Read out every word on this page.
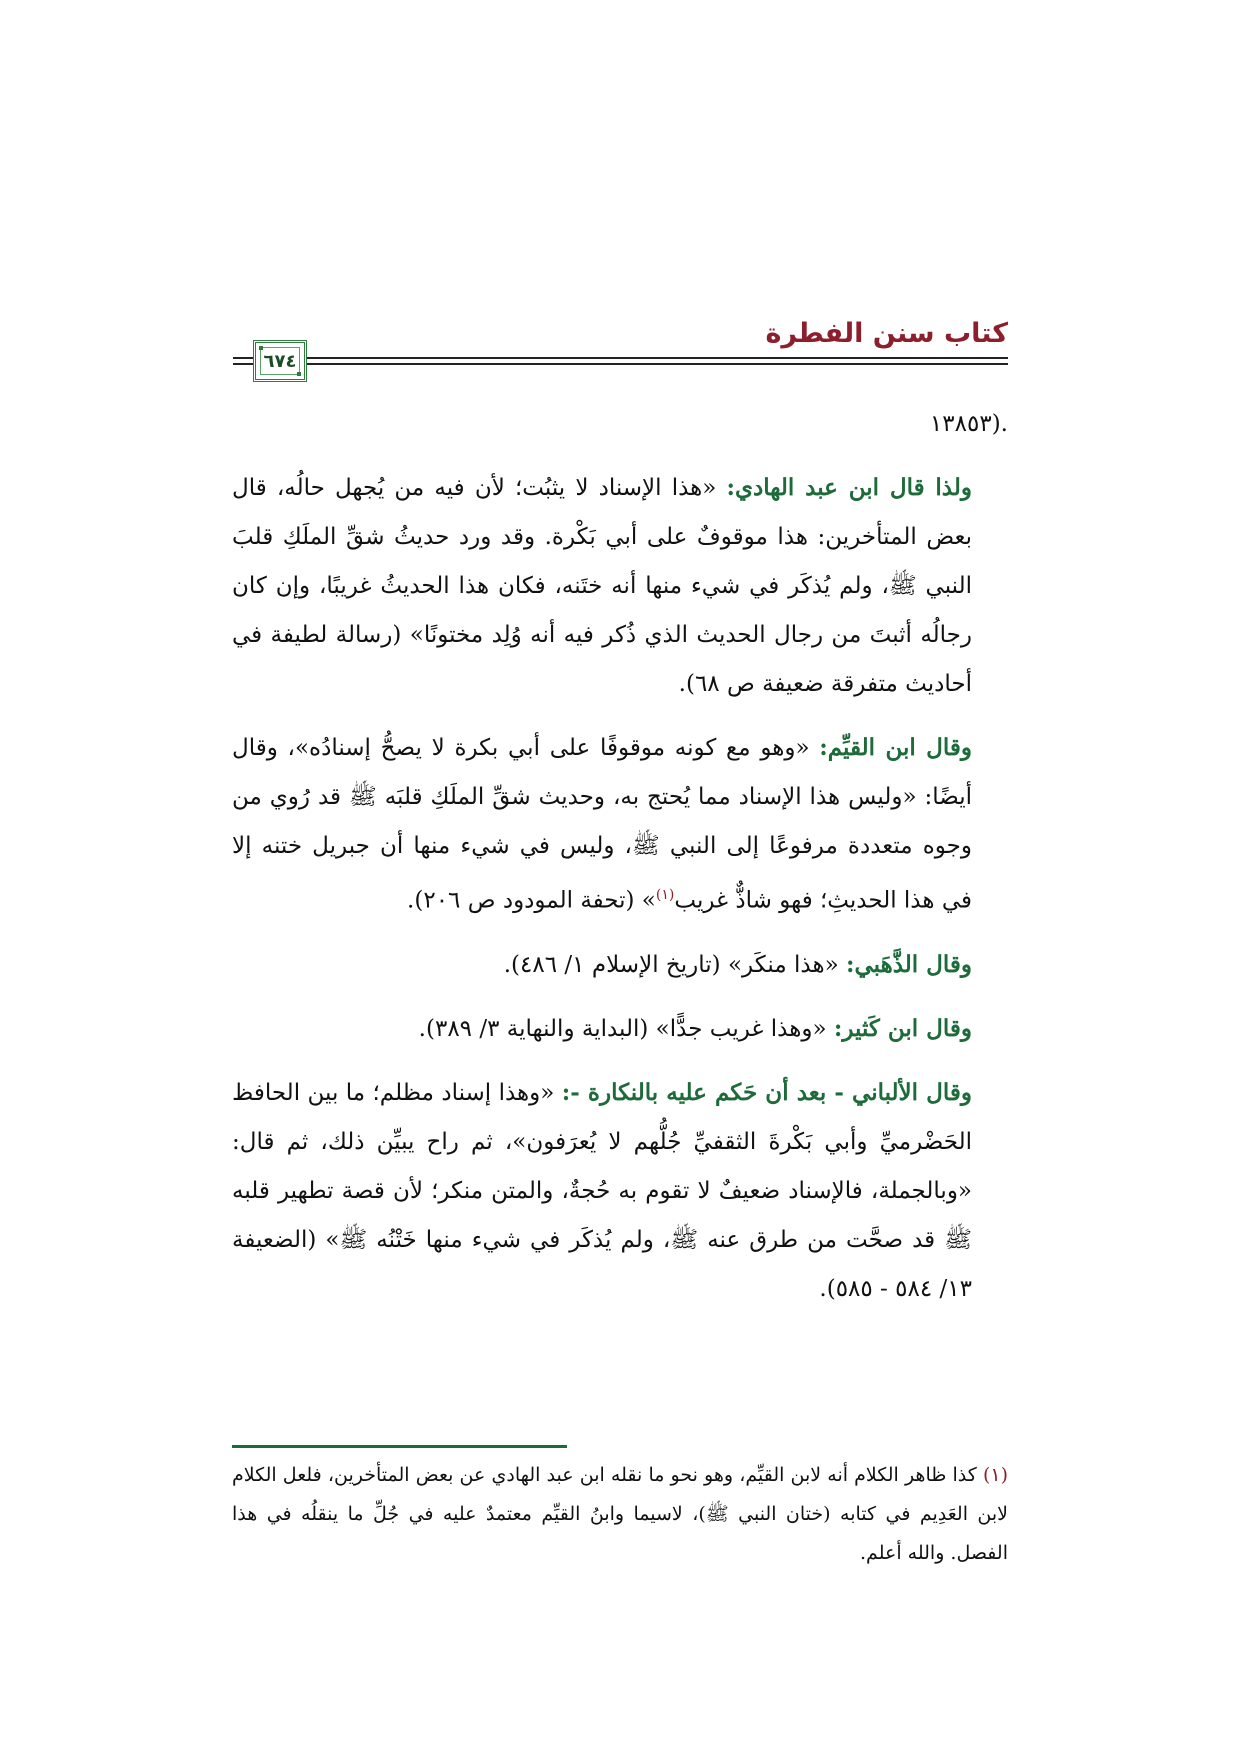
كتاب سنن الفطرة
٦٧٤

.(١٣٨٥٣

ولذا قال ابن عبد الهادي: «هذا الإسناد لا يثبُت؛ لأن فيه من يُجهل حالُه، قال بعض المتأخرين: هذا موقوفٌ على أبي بَكْرة. وقد ورد حديثُ شقِّ الملَكِ قلبَ النبي ﷺ، ولم يُذكَر في شيء منها أنه ختَنه، فكان هذا الحديثُ غريبًا، وإن كان رجالُه أثبتَ من رجال الحديث الذي ذُكر فيه أنه وُلِد مختونًا» (رسالة لطيفة في أحاديث متفرقة ضعيفة ص ٦٨).

وقال ابن القيِّم: «وهو مع كونه موقوفًا على أبي بكرة لا يصحُّ إسنادُه»، وقال أيضًا: «وليس هذا الإسناد مما يُحتج به، وحديث شقِّ الملَكِ قلبَه ﷺ قد رُوي من وجوه متعددة مرفوعًا إلى النبي ﷺ، وليس في شيء منها أن جبريل ختنه إلا في هذا الحديثِ؛ فهو شاذٌّ غريب$^{(١)}$» (تحفة المودود ص ٢٠٦).

وقال الذَّهَبي: «هذا منكَر» (تاريخ الإسلام ١/ ٤٨٦).

وقال ابن كَثير: «وهذا غريب جدًّا» (البداية والنهاية ٣/ ٣٨٩).

وقال الألباني - بعد أن حَكم عليه بالنكارة -: «وهذا إسناد مظلم؛ ما بين الحافظ الحَضْرميِّ وأبي بَكْرةَ الثقفيِّ جُلُّهم لا يُعرَفون»، ثم راح يبيِّن ذلك، ثم قال: «وبالجملة، فالإسناد ضعيفٌ لا تقوم به حُجةٌ، والمتن منكر؛ لأن قصة تطهير قلبه ﷺ قد صحَّت من طرق عنه ﷺ، ولم يُذكَر في شيء منها خَتْنُه ﷺ» (الضعيفة ١٣/ ٥٨٤ - ٥٨٥).

(١) كذا ظاهر الكلام أنه لابن القيِّم، وهو نحو ما نقله ابن عبد الهادي عن بعض المتأخرين، فلعل الكلام لابن العَدِيم في كتابه (ختان النبي ﷺ)، لاسيما وابنُ القيِّم معتمدٌ عليه في جُلِّ ما ينقلُه في هذا الفصل. والله أعلم.
